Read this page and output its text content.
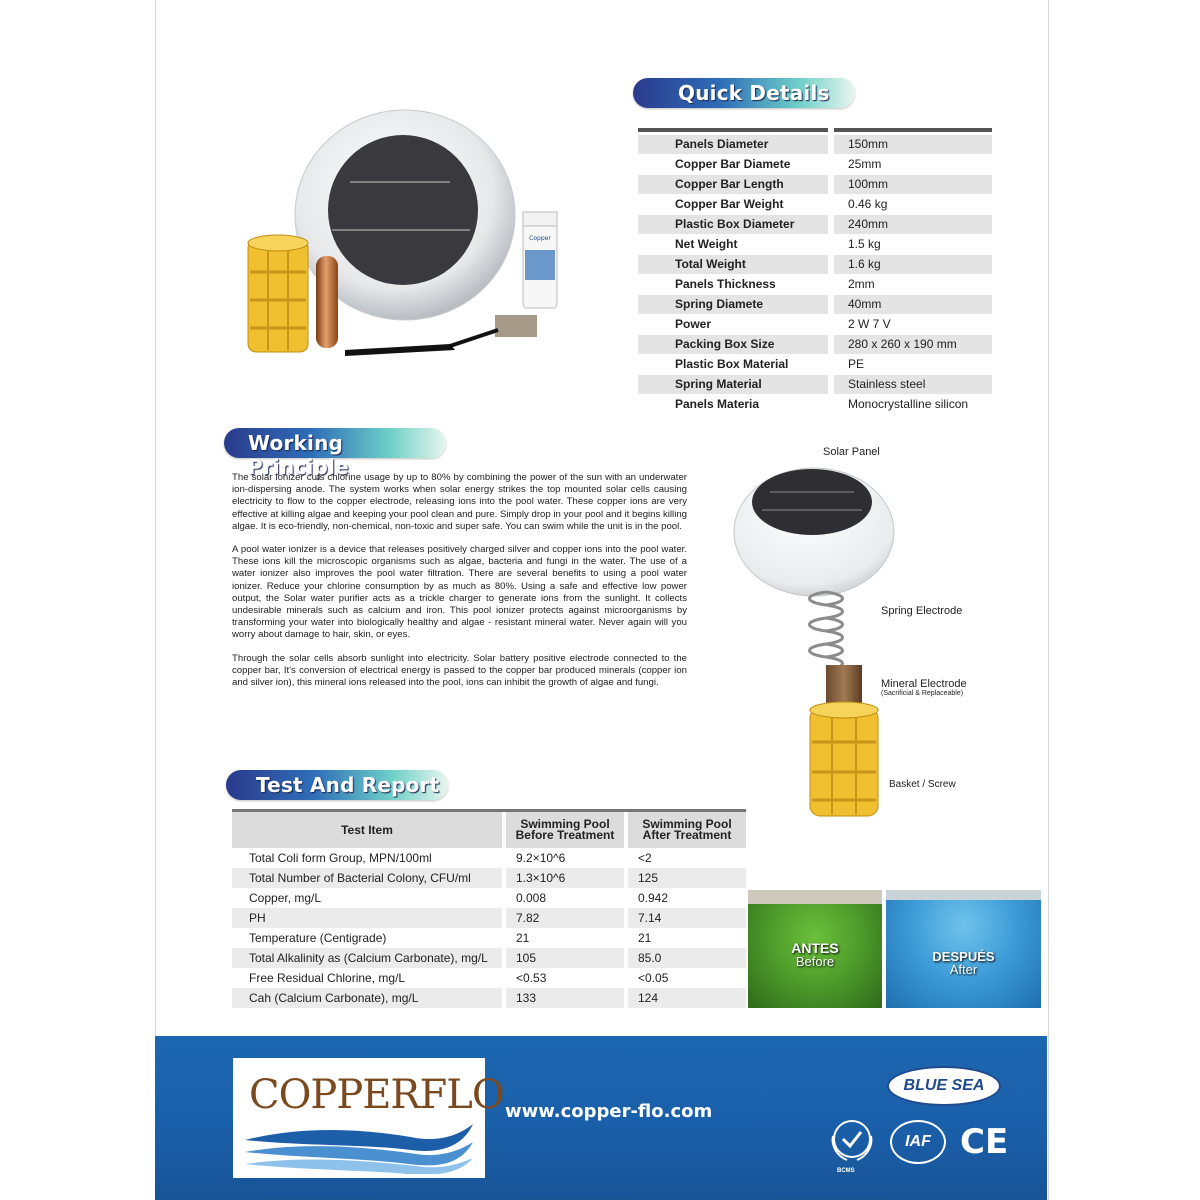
Copper
Quick Details
Panels Diameter	150mm
Copper Bar Diamete	25mm
Copper Bar Length	100mm
Copper Bar Weight	0.46 kg
Plastic Box Diameter	240mm
Net Weight	1.5 kg
Total Weight	1.6 kg
Panels Thickness	2mm
Spring Diamete	40mm
Power	2 W 7 V
Packing Box Size	280 x 260 x 190 mm
Plastic Box Material	PE
Spring Material	Stainless steel
Panels Materia	Monocrystalline silicon
Working Principle

The solar ionizer cuts chlorine usage by up to 80% by combining the power of the sun with an underwater ion-dispersing anode. The system works when solar energy strikes the top mounted solar cells causing electricity to flow to the copper electrode, releasing ions into the pool water. These copper ions are very effective at killing algae and keeping your pool clean and pure. Simply drop in your pool and it begins killing algae. It is eco-friendly, non-chemical, non-toxic and super safe. You can swim while the unit is in the pool.

A pool water ionizer is a device that releases positively charged silver and copper ions into the pool water. These ions kill the microscopic organisms such as algae, bacteria and fungi in the water. The use of a water ionizer also improves the pool water filtration. There are several benefits to using a pool water ionizer. Reduce your chlorine consumption by as much as 80%. Using a safe and effective low power output, the Solar water purifier acts as a trickle charger to generate ions from the sunlight. It collects undesirable minerals such as calcium and iron. This pool ionizer protects against microorganisms by transforming your water into biologically healthy and algae - resistant mineral water. Never again will you worry about damage to hair, skin, or eyes.

Through the solar cells absorb sunlight into electricity. Solar battery positive electrode connected to the copper bar, It's conversion of electrical energy is passed to the copper bar produced minerals (copper ion and silver ion), this mineral ions released into the pool, ions can inhibit the growth of algae and fungi.

Solar Panel
Spring Electrode
Mineral Electrode
(Sacrificial & Replaceable)
Basket / Screw
Test And Report
Test Item		Swimming Pool Before Treatment		Swimming Pool After Treatment
Total Coli form Group, MPN/100ml		9.2×10^6		<2
Total Number of Bacterial Colony, CFU/ml		1.3×10^6		125
Copper, mg/L		0.008		0.942
PH		7.82		7.14
Temperature (Centigrade)		21		21
Total Alkalinity as (Calcium Carbonate), mg/L		105		85.0
Free Residual Chlorine, mg/L		<0.53		<0.05
Cah (Calcium Carbonate), mg/L		133		124
ANTES
Before	DESPUÉS
After
COPPERFLO www.copper-flo.com
BLUE SEA
BCMS
IAF CE
